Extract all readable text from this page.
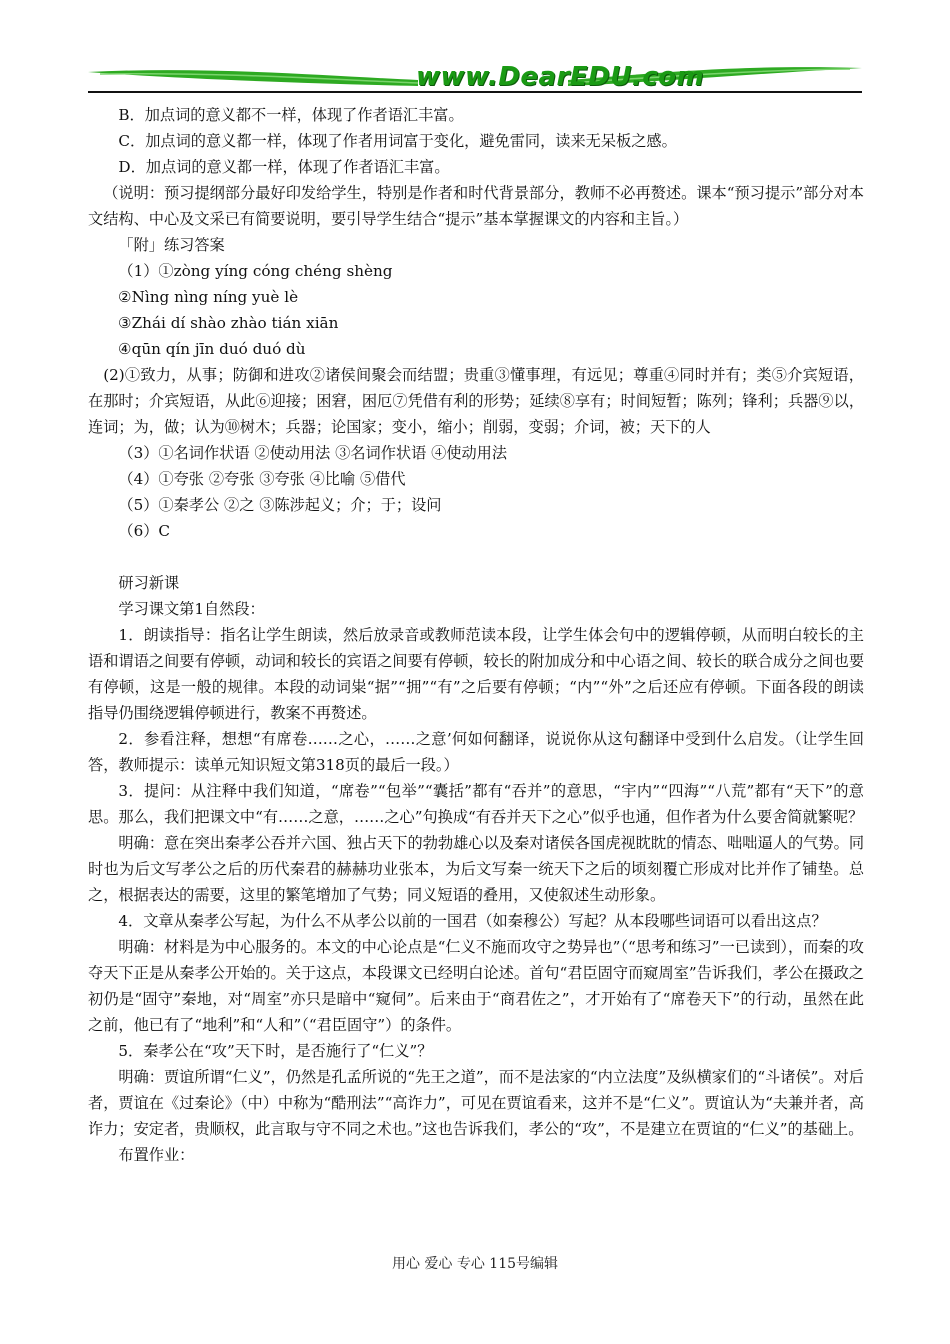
www.DearEDU.com

B．加点词的意义都不一样，体现了作者语汇丰富。

C．加点词的意义都一样，体现了作者用词富于变化，避免雷同，读来无呆板之感。

D．加点词的意义都一样，体现了作者语汇丰富。

（说明：预习提纲部分最好印发给学生，特别是作者和时代背景部分，教师不必再赘述。课本“预习提示”部分对本文结构、中心及文采已有简要说明，要引导学生结合“提示”基本掌握课文的内容和主旨。）

「附」练习答案

（1）①zòng yíng cóng chéng shèng

②Nìng nìng níng yuè lè

③Zhái dí shào zhào tián xiān

④qūn qín jīn duó duó dù

(2)①致力，从事；防御和进攻②诸侯间聚会而结盟；贵重③懂事理，有远见；尊重④同时并有；类⑤介宾短语，在那时；介宾短语，从此⑥迎接；困窘，困厄⑦凭借有利的形势；延续⑧享有；时间短暂；陈列；锋利；兵器⑨以，连词；为，做；认为⑩树木；兵器；论国家；变小，缩小；削弱，变弱；介词，被；天下的人

（3）①名词作状语 ②使动用法 ③名词作状语 ④使动用法

（4）①夸张 ②夸张 ③夸张 ④比喻 ⑤借代

（5）①秦孝公 ②之 ③陈涉起义；介；于；设问

（6）C

研习新课

学习课文第1自然段：

1．朗读指导：指名让学生朗读，然后放录音或教师范读本段，让学生体会句中的逻辑停顿，从而明白较长的主语和谓语之间要有停顿，动词和较长的宾语之间要有停顿，较长的附加成分和中心语之间、较长的联合成分之间也要有停顿，这是一般的规律。本段的动词粜“据”“拥”“有”之后要有停顿；“内”“外”之后还应有停顿。下面各段的朗读指导仍围绕逻辑停顿进行，教案不再赘述。

2．参看注释，想想“有席卷……之心，……之意’何如何翻译，说说你从这句翻译中受到什么启发。（让学生回答，教师提示：读单元知识短文第318页的最后一段。）

3．提问：从注释中我们知道，“席卷”“包举”“囊括”都有“吞并”的意思，“宇内”“四海”“八荒”都有“天下”的意思。那么，我们把课文中“有……之意，……之心”句换成“有吞并天下之心”似乎也通，但作者为什么要舍简就繁呢？

明确：意在突出秦孝公吞并六国、独占天下的勃勃雄心以及秦对诸侯各国虎视眈眈的情态、咄咄逼人的气势。同时也为后文写孝公之后的历代秦君的赫赫功业张本，为后文写秦一统天下之后的顷刻覆亡形成对比并作了铺垫。总之，根据表达的需要，这里的繁笔增加了气势；同义短语的叠用，又使叙述生动形象。

4．文章从秦孝公写起，为什么不从孝公以前的一国君（如秦穆公）写起？从本段哪些词语可以看出这点？

明确：材料是为中心服务的。本文的中心论点是“仁义不施而攻守之势异也”（“思考和练习”一已读到），而秦的攻夺天下正是从秦孝公开始的。关于这点，本段课文已经明白论述。首句“君臣固守而窥周室”告诉我们，孝公在摄政之初仍是“固守”秦地，对“周室”亦只是暗中“窥伺”。后来由于“商君佐之”，才开始有了“席卷天下”的行动，虽然在此之前，他已有了“地利”和“人和”（“君臣固守”）的条件。

5．秦孝公在“攻”天下时，是否施行了“仁义”？

明确：贾谊所谓“仁义”，仍然是孔孟所说的“先王之道”，而不是法家的“内立法度”及纵横家们的“斗诸侯”。对后者，贾谊在《过秦论》（中）中称为“酷刑法”“高诈力”，可见在贾谊看来，这并不是“仁义”。贾谊认为“夫兼并者，高诈力；安定者，贵顺权，此言取与守不同之术也。”这也告诉我们，孝公的“攻”，不是建立在贾谊的“仁义”的基础上。

布置作业：

用心 爱心 专心 115号编辑
